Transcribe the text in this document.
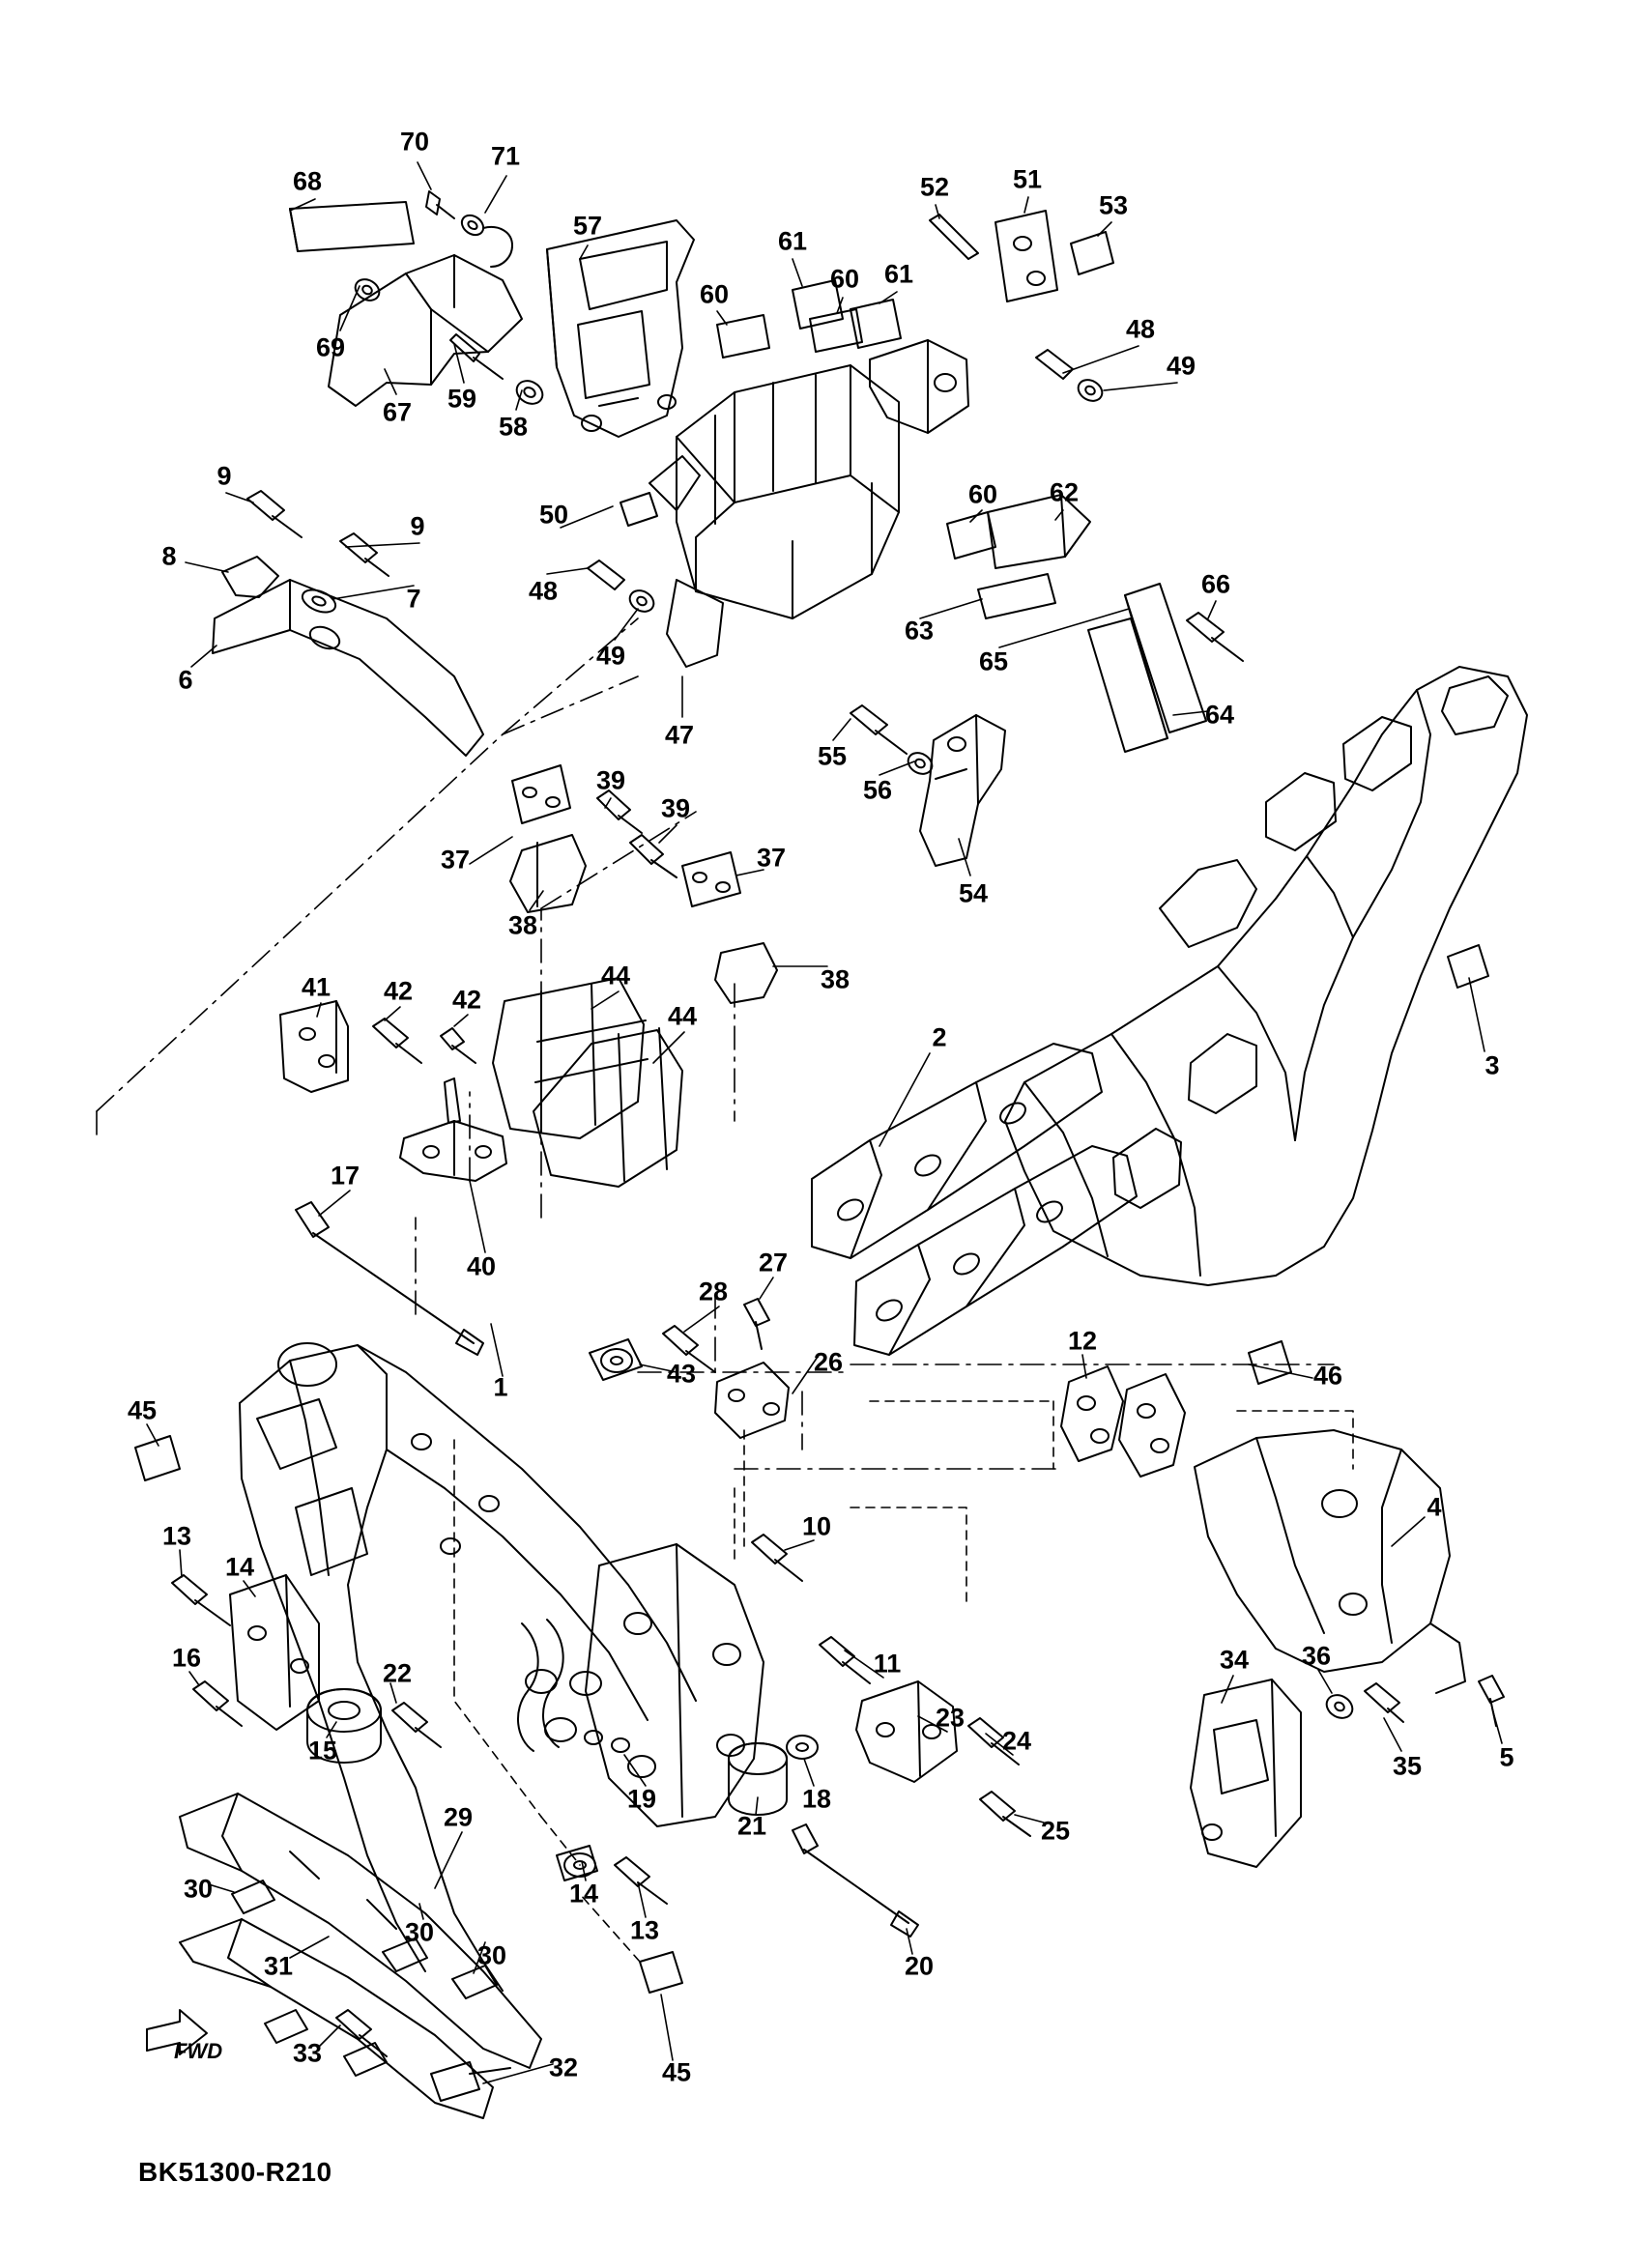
70 71
68
57
61
52 51
53
60
60 61
69
48
49
67 59
58
9
9
8
7
50
48
60 62
66
63
65
64
6
49
47
55
56
54
39
39
37	37
38
38
44
44
41 42 42
2
3
17
40	27
28
26
43
1
12
46
45
10
4
13
14
16
22
15
11
23
24
34 36
35	5
19	18
21	25
29
30
30
30
14
13
20
31
33	32	45
FWD
BK51300-R210
